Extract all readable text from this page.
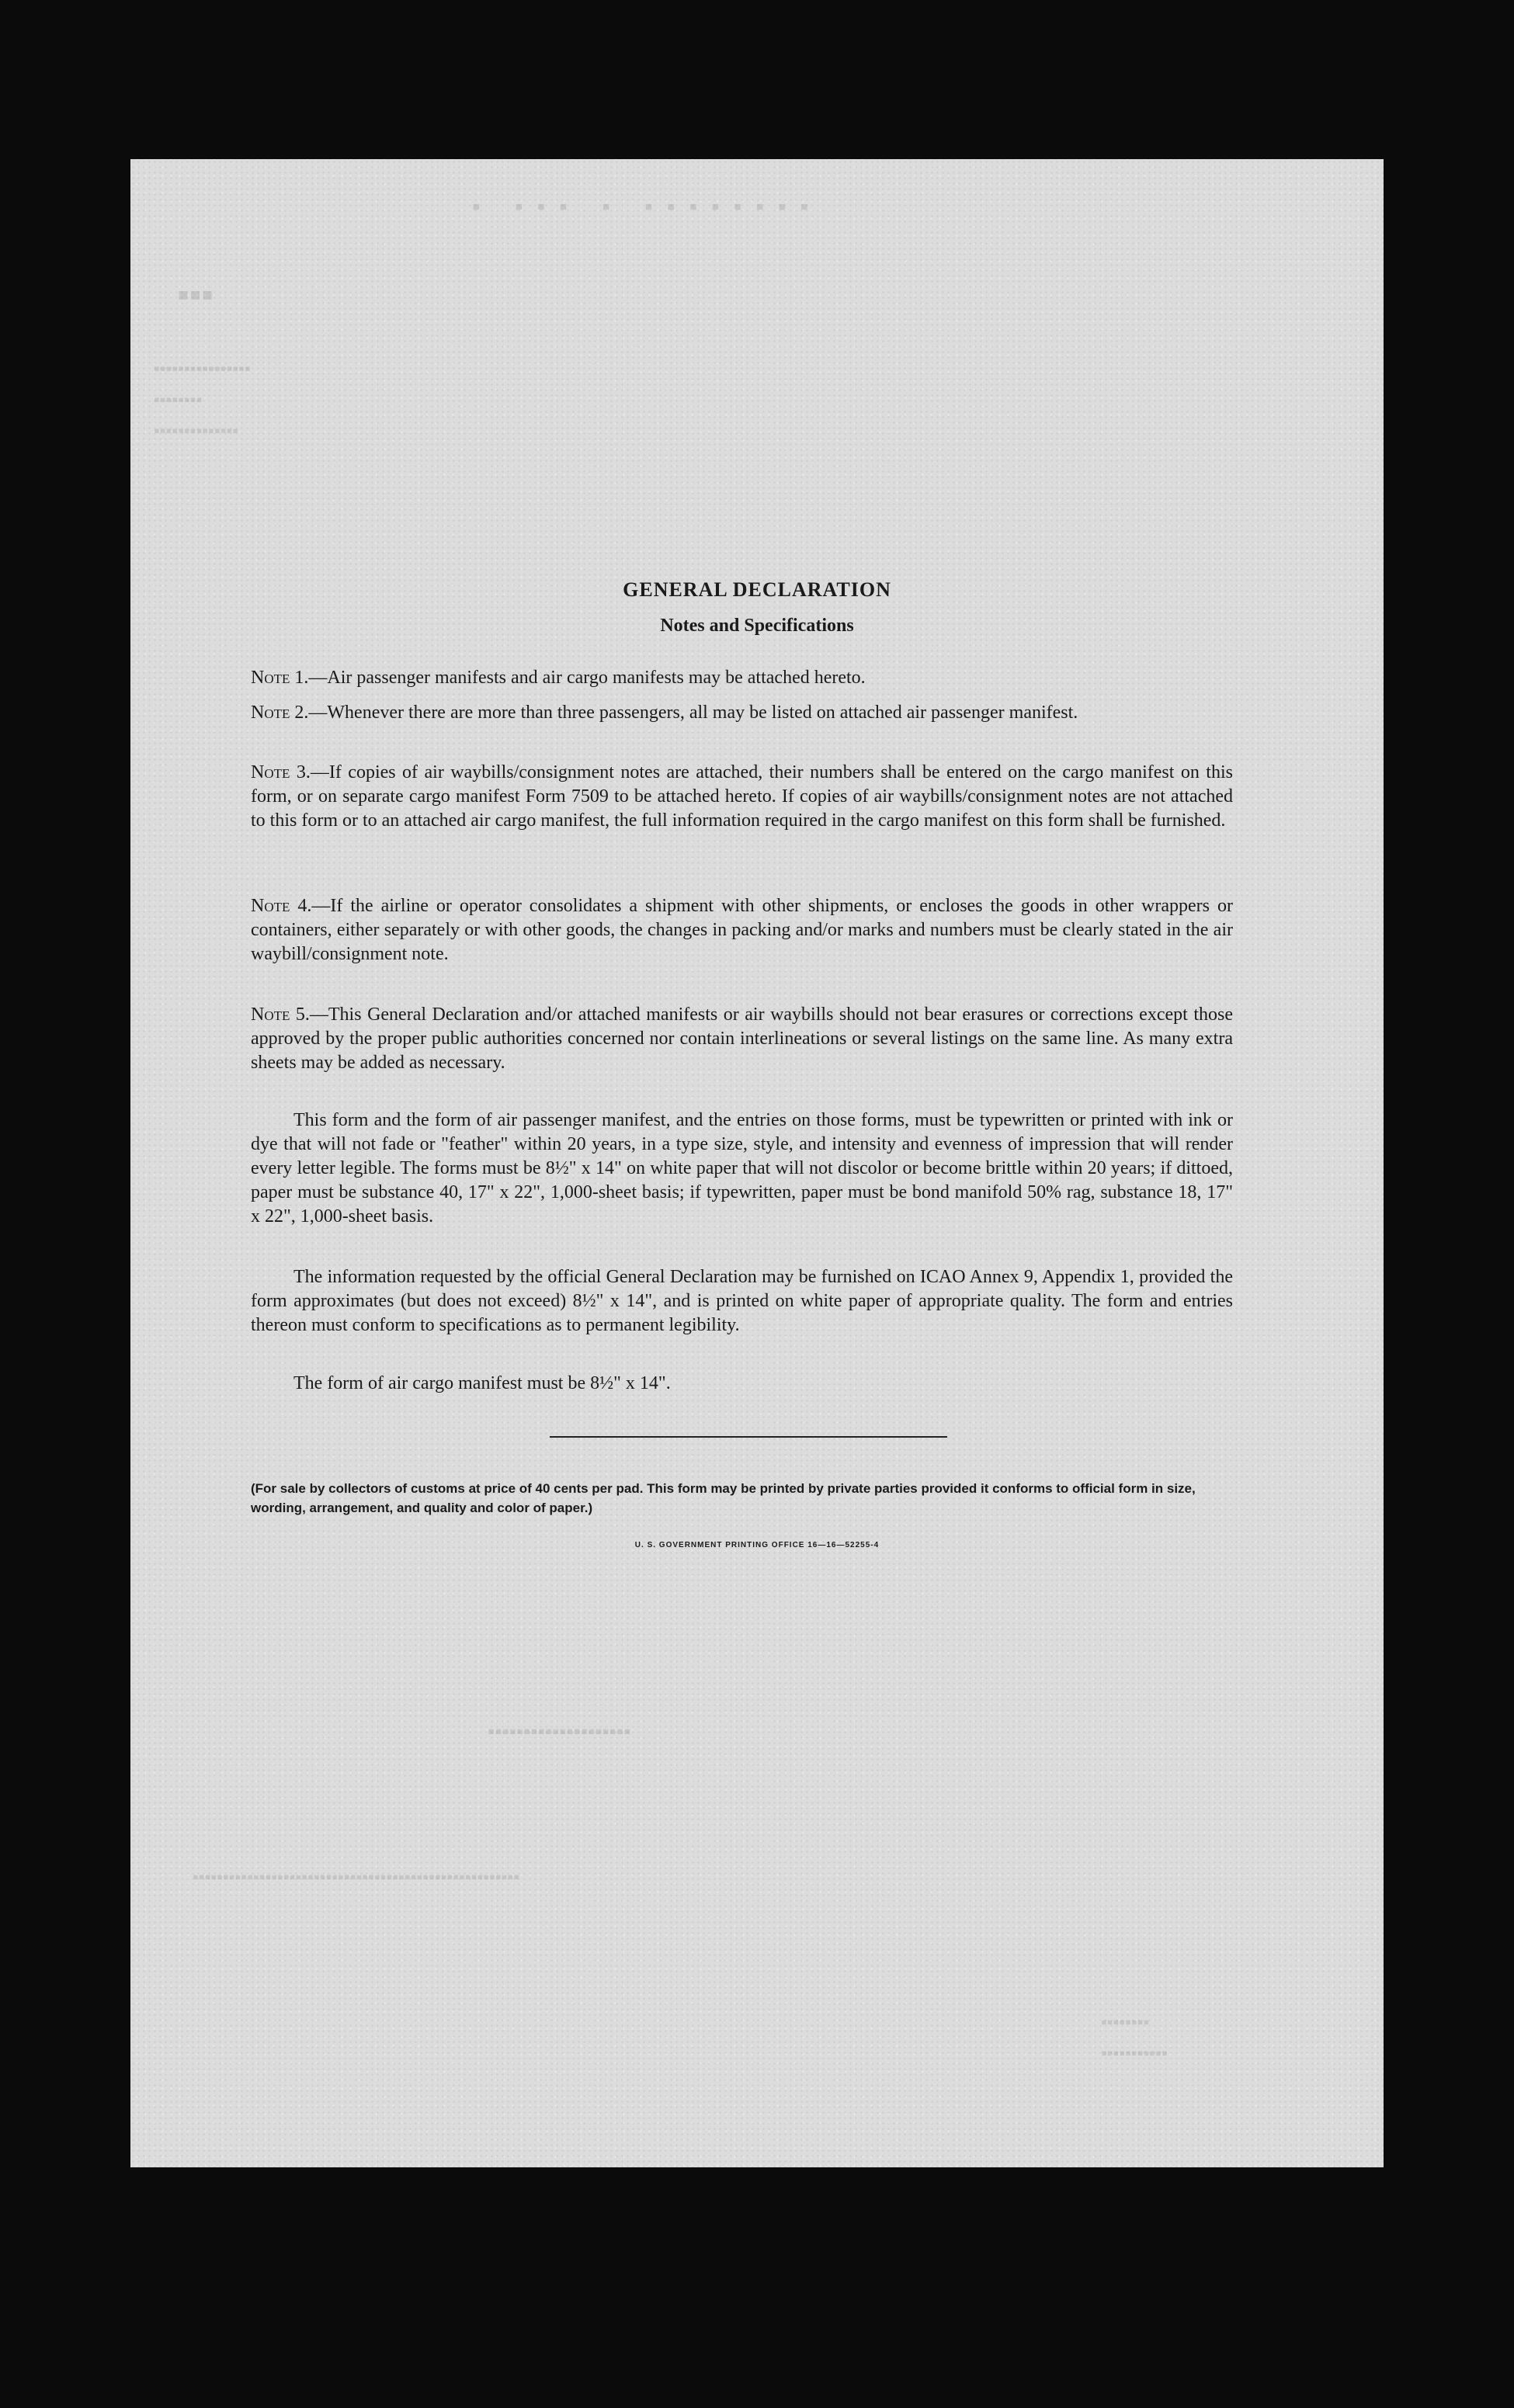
▪ ▪▪▪ ▪ ▪▪▪▪▪▪▪▪
▪▪▪
▪▪▪▪▪▪▪▪▪▪▪▪▪▪▪▪
▪▪▪▪▪▪▪▪
▪▪▪▪▪▪▪▪▪▪▪▪▪▪
▪▪▪▪▪▪▪▪▪▪▪▪▪▪▪▪▪▪▪▪
▪▪▪▪▪▪▪▪▪▪▪▪▪▪▪▪▪▪▪▪▪▪▪▪▪▪▪▪▪▪▪▪▪▪▪▪▪▪▪▪▪▪▪▪▪▪▪▪▪▪▪▪▪▪
▪▪▪▪▪▪▪▪
▪▪▪▪▪▪▪▪▪▪▪
GENERAL DECLARATION
Notes and Specifications
Note 1.—Air passenger manifests and air cargo manifests may be attached hereto.
Note 2.—Whenever there are more than three passengers, all may be listed on attached air passenger manifest.
Note 3.—If copies of air waybills/consignment notes are attached, their numbers shall be entered on the cargo manifest on this form, or on separate cargo manifest Form 7509 to be attached hereto. If copies of air waybills/consignment notes are not attached to this form or to an attached air cargo manifest, the full information required in the cargo manifest on this form shall be furnished.
Note 4.—If the airline or operator consolidates a shipment with other shipments, or encloses the goods in other wrappers or containers, either separately or with other goods, the changes in packing and/or marks and numbers must be clearly stated in the air waybill/consignment note.
Note 5.—This General Declaration and/or attached manifests or air waybills should not bear erasures or corrections except those approved by the proper public authorities concerned nor contain interlineations or several listings on the same line. As many extra sheets may be added as necessary.
This form and the form of air passenger manifest, and the entries on those forms, must be typewritten or printed with ink or dye that will not fade or "feather" within 20 years, in a type size, style, and intensity and evenness of impression that will render every letter legible. The forms must be 8½" x 14" on white paper that will not discolor or become brittle within 20 years; if dittoed, paper must be substance 40, 17" x 22", 1,000-sheet basis; if typewritten, paper must be bond manifold 50% rag, substance 18, 17" x 22", 1,000-sheet basis.
The information requested by the official General Declaration may be furnished on ICAO Annex 9, Appendix 1, provided the form approximates (but does not exceed) 8½" x 14", and is printed on white paper of appropriate quality. The form and entries thereon must conform to specifications as to permanent legibility.
The form of air cargo manifest must be 8½" x 14".
(For sale by collectors of customs at price of 40 cents per pad. This form may be printed by private parties provided it conforms to official form in size, wording, arrangement, and quality and color of paper.)
U. S. GOVERNMENT PRINTING OFFICE 16—16—52255-4
